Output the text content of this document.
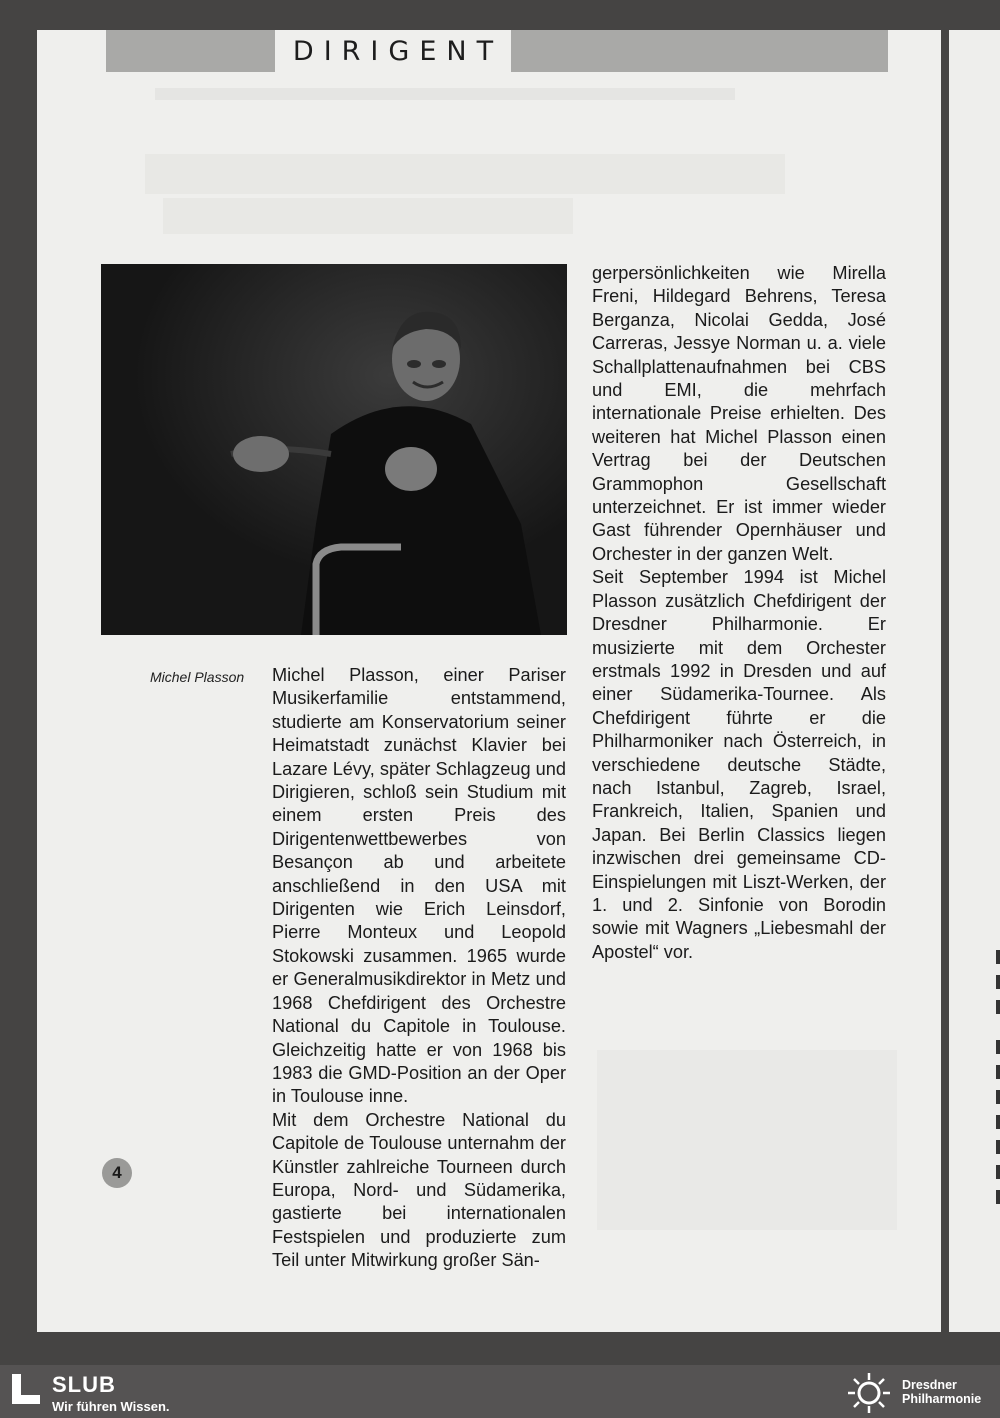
DIRIGENT
Michel Plasson Michel Plasson, einer Pariser Musikerfamilie entstammend, studierte am Konservatorium seiner Heimatstadt zunächst Klavier bei Lazare Lévy, später Schlagzeug und Dirigieren, schloß sein Studium mit einem ersten Preis des Dirigentenwettbewerbes von Besançon ab und arbeitete anschließend in den USA mit Dirigenten wie Erich Leinsdorf, Pierre Monteux und Leopold Stokowski zusammen. 1965 wurde er Generalmusikdirektor in Metz und 1968 Chefdirigent des Orchestre National du Capitole in Toulouse. Gleichzeitig hatte er von 1968 bis 1983 die GMD-Position an der Oper in Toulouse inne.

Mit dem Orchestre National du Capitole de Toulouse unternahm der Künstler zahlreiche Tourneen durch Europa, Nord- und Südamerika, gastierte bei internationalen Festspielen und produzierte zum Teil unter Mitwirkung großer Sän-

gerpersönlichkeiten wie Mirella Freni, Hildegard Behrens, Teresa Berganza, Nicolai Gedda, José Carreras, Jessye Norman u. a. viele Schallplattenaufnahmen bei CBS und EMI, die mehrfach internationale Preise erhielten. Des weiteren hat Michel Plasson einen Vertrag bei der Deutschen Grammophon Gesellschaft unterzeichnet. Er ist immer wieder Gast führender Opernhäuser und Orchester in der ganzen Welt.

Seit September 1994 ist Michel Plasson zusätzlich Chefdirigent der Dresdner Philharmonie. Er musizierte mit dem Orchester erstmals 1992 in Dresden und auf einer Südamerika-Tournee. Als Chefdirigent führte er die Philharmoniker nach Österreich, in verschiedene deutsche Städte, nach Istanbul, Zagreb, Israel, Frankreich, Italien, Spanien und Japan. Bei Berlin Classics liegen inzwischen drei gemeinsame CD-Einspielungen mit Liszt-Werken, der 1. und 2. Sinfonie von Borodin sowie mit Wagners „Liebesmahl der Apostel“ vor.

4
SLUB
Wir führen Wissen.
Dresdner
Philharmonie
